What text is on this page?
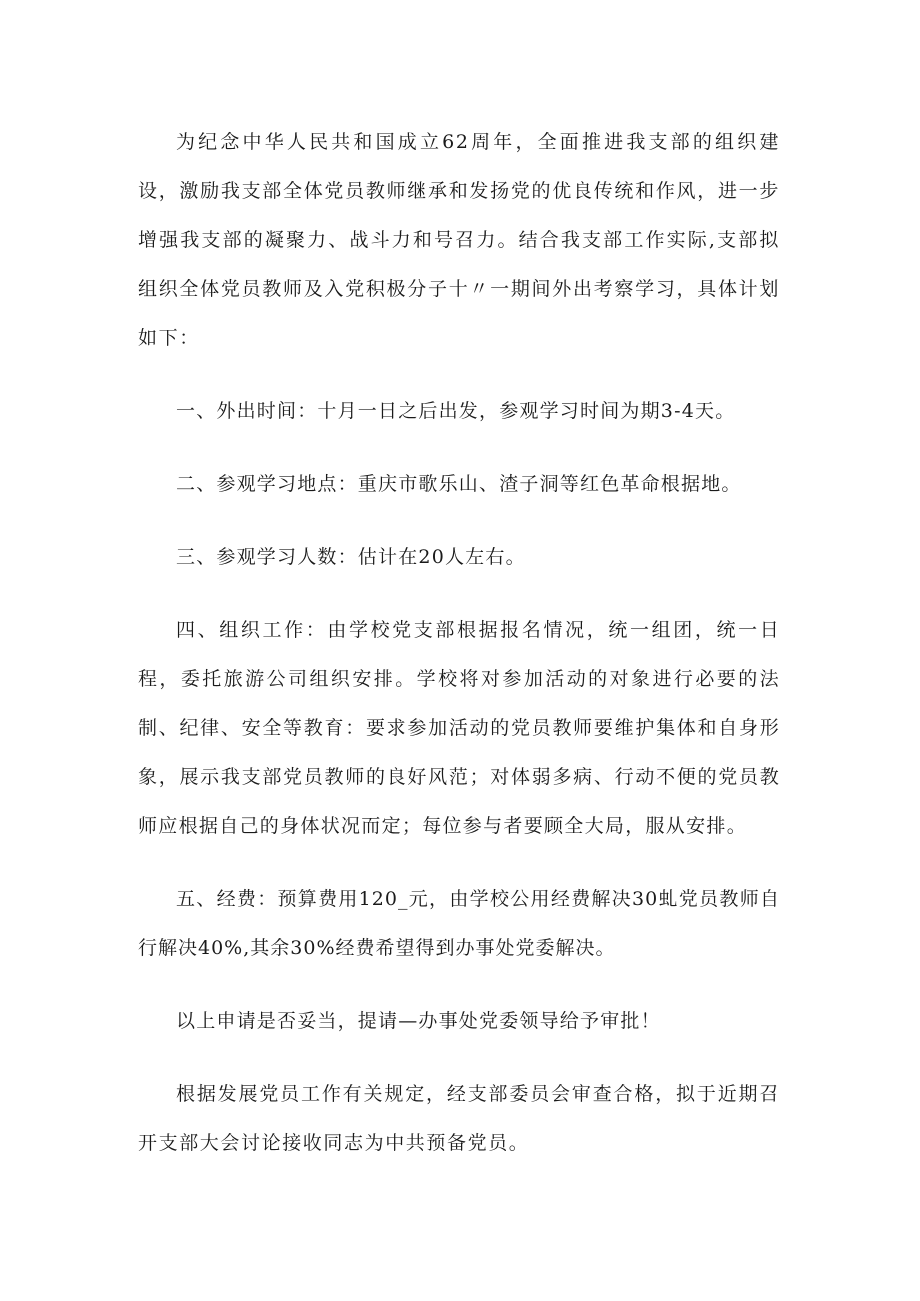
为纪念中华人民共和国成立62周年，全面推进我支部的组织建设，激励我支部全体党员教师继承和发扬党的优良传统和作风，进一步增强我支部的凝聚力、战斗力和号召力。结合我支部工作实际,支部拟组织全体党员教师及入党积极分子十〃一期间外出考察学习，具体计划如下：

一、外出时间：十月一日之后出发，参观学习时间为期3-4天。

二、参观学习地点：重庆市歌乐山、渣子洞等红色革命根据地。

三、参观学习人数：估计在20人左右。

四、组织工作：由学校党支部根据报名情况，统一组团，统一日程，委托旅游公司组织安排。学校将对参加活动的对象进行必要的法制、纪律、安全等教育：要求参加活动的党员教师要维护集体和自身形象，展示我支部党员教师的良好风范；对体弱多病、行动不便的党员教师应根据自己的身体状况而定；每位参与者要顾全大局，服从安排。

五、经费：预算费用120_元，由学校公用经费解决30虬党员教师自行解决40%,其余30%经费希望得到办事处党委解决。

以上申请是否妥当，提请—办事处党委领导给予审批！

根据发展党员工作有关规定，经支部委员会审查合格，拟于近期召开支部大会讨论接收同志为中共预备党员。
